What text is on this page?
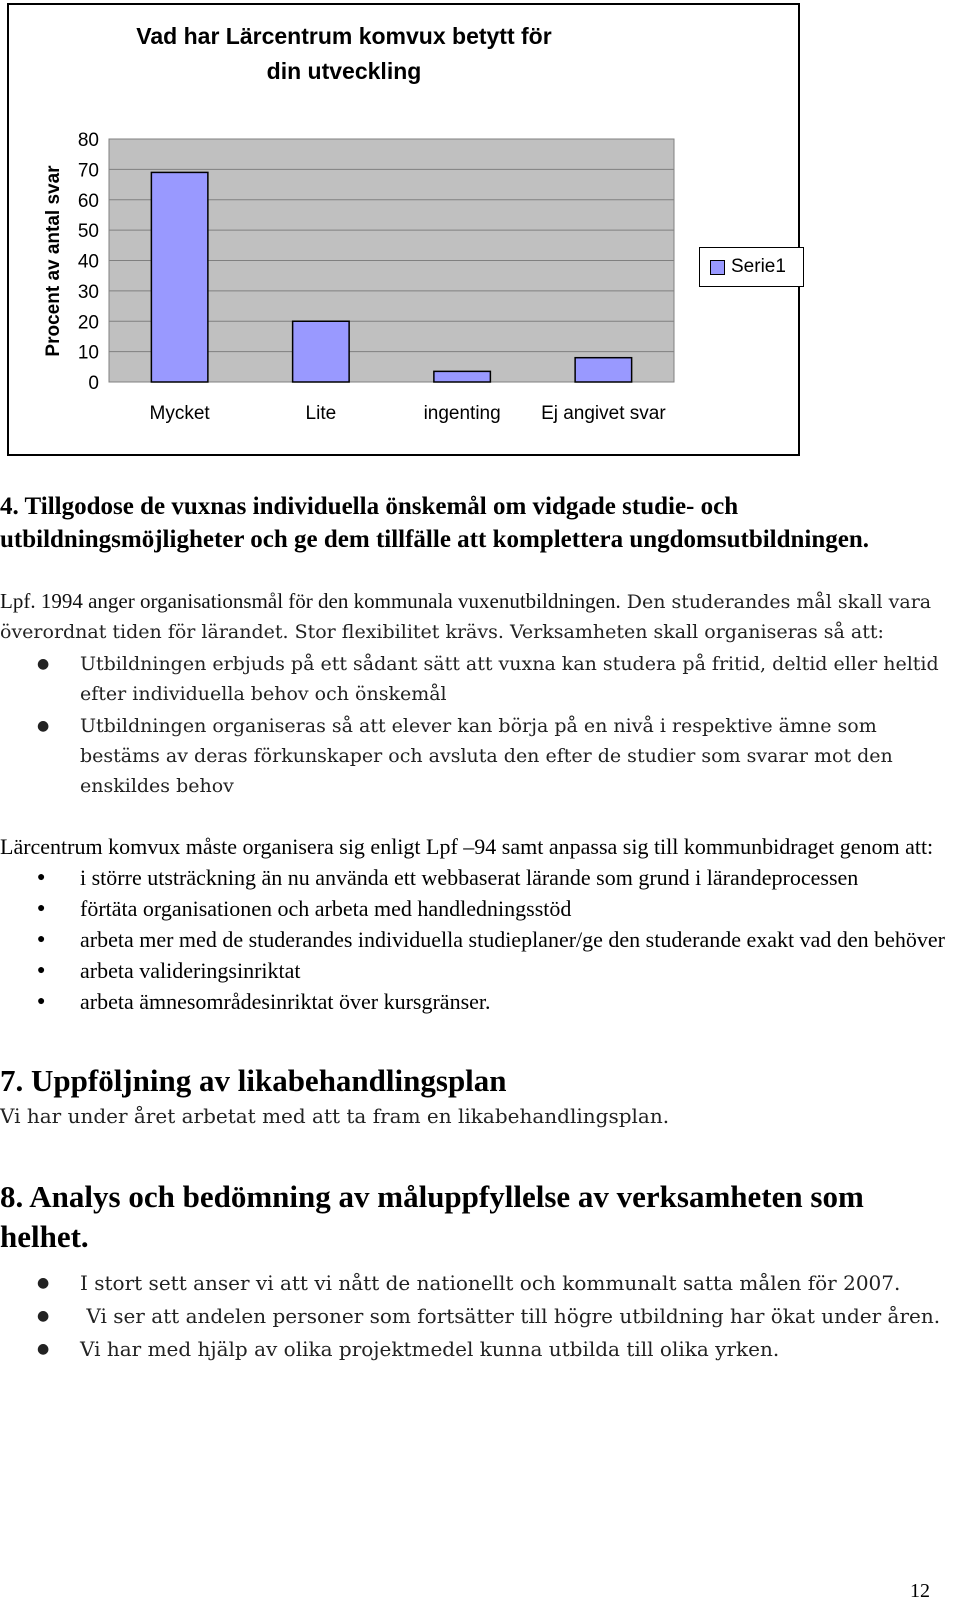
Vad har Lärcentrum komvux betytt för din utveckling
80
70
60
50
40
30
20
10
0
Procent av antal svar
Mycket	Lite	ingenting Ej angivet svar
Serie1

4. Tillgodose de vuxnas individuella önskemål om vidgade studie- och utbildningsmöjligheter och ge dem tillfälle att komplettera ungdomsutbildningen.

Lpf. 1994 anger organisationsmål för den kommunala vuxenutbildningen. Den studerandes mål skall vara överordnat tiden för lärandet. Stor flexibilitet krävs. Verksamheten skall organiseras så att:
● Utbildningen erbjuds på ett sådant sätt att vuxna kan studera på fritid, deltid eller heltid efter individuella behov och önskemål
● Utbildningen organiseras så att elever kan börja på en nivå i respektive ämne som bestäms av deras förkunskaper och avsluta den efter de studier som svarar mot den enskildes behov

Lärcentrum komvux måste organisera sig enligt Lpf –94 samt anpassa sig till kommunbidraget genom att:

● i större utsträckning än nu använda ett webbaserat lärande som grund i lärandeprocessen
● förtäta organisationen och arbeta med handledningsstöd
● arbeta mer med de studerandes individuella studieplaner/ge den studerande exakt vad den behöver
● arbeta valideringsinriktat
● arbeta ämnesområdesinriktat över kursgränser.

7. Uppföljning av likabehandlingsplan

Vi har under året arbetat med att ta fram en likabehandlingsplan.

8. Analys och bedömning av måluppfyllelse av verksamheten som helhet.

● I stort sett anser vi att vi nått de nationellt och kommunalt satta målen för 2007.
● Vi ser att andelen personer som fortsätter till högre utbildning har ökat under åren.
● Vi har med hjälp av olika projektmedel kunna utbilda till olika yrken.
12
